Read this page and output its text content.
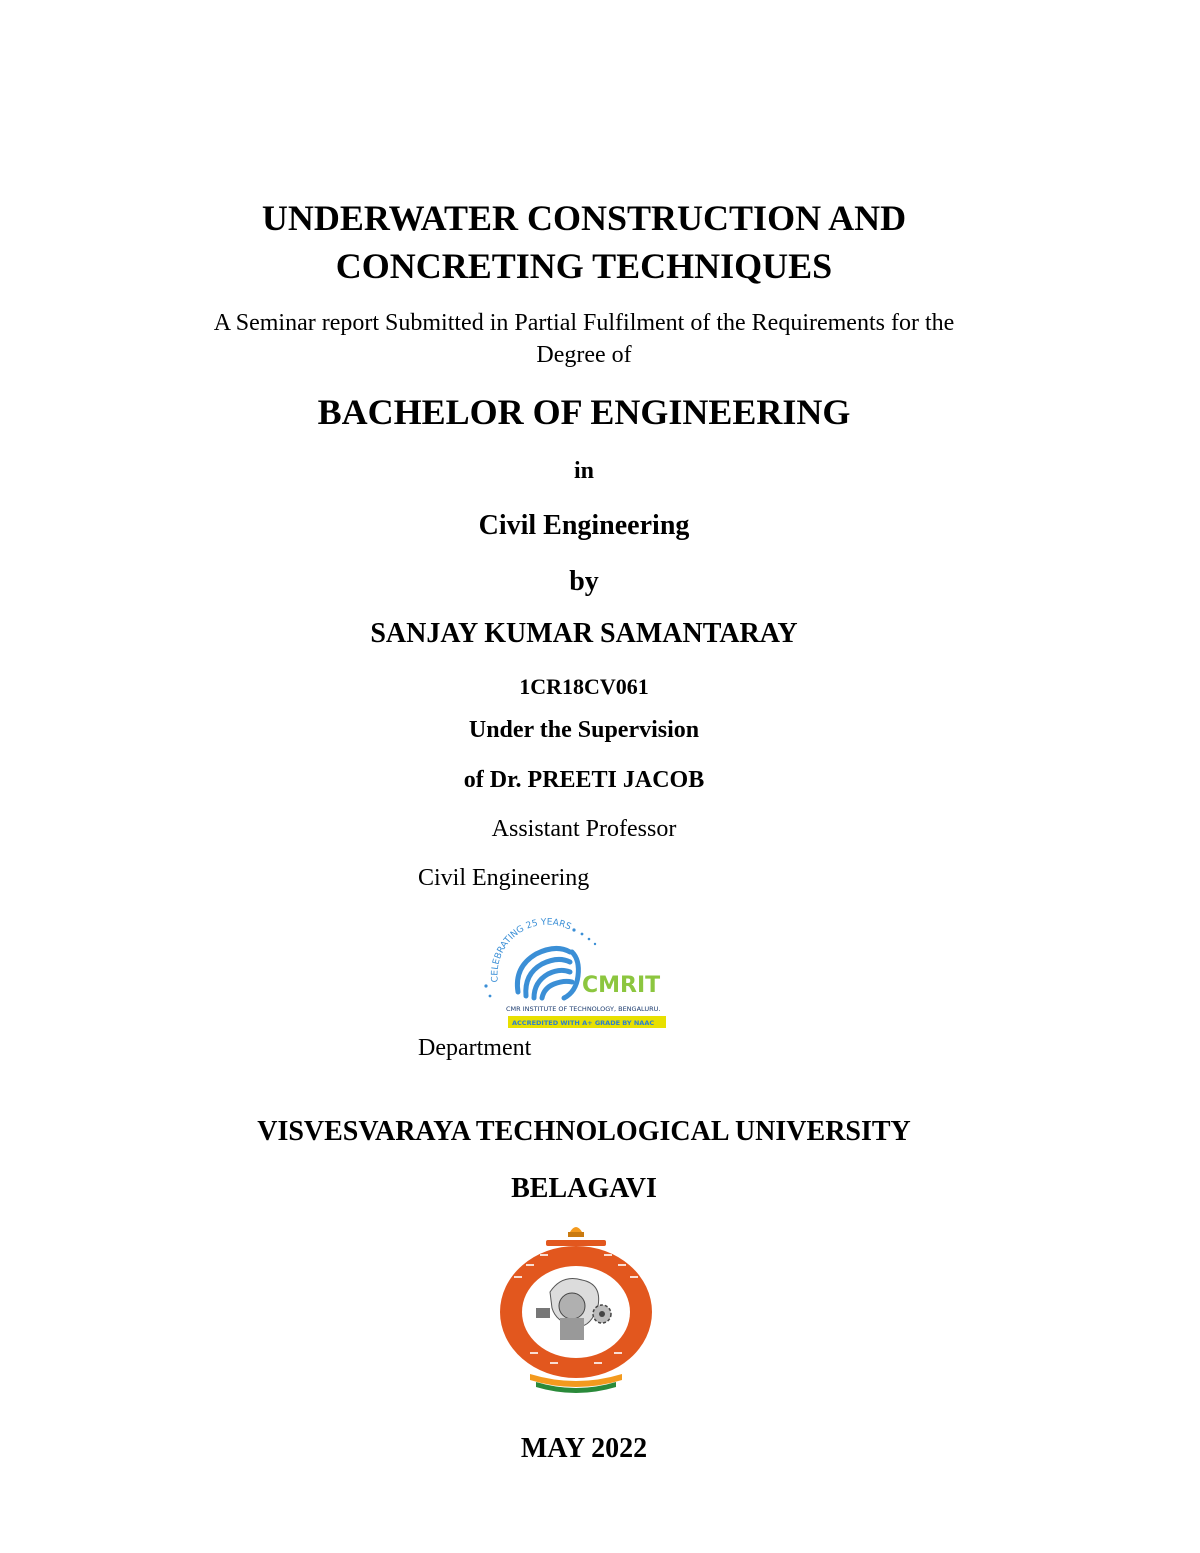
UNDERWATER CONSTRUCTION AND
CONCRETING TECHNIQUES
A Seminar report Submitted in Partial Fulfilment of the Requirements for the
Degree of
BACHELOR OF ENGINEERING
in
Civil Engineering
by
SANJAY KUMAR SAMANTARAY
1CR18CV061
Under the Supervision
of Dr. PREETI JACOB
Assistant Professor
Civil Engineering
CELEBRATING 25 YEARS
CMRIT
CMR INSTITUTE OF TECHNOLOGY, BENGALURU.
ACCREDITED WITH A+ GRADE BY NAAC
Department
VISVESVARAYA TECHNOLOGICAL UNIVERSITY
BELAGAVI
MAY 2022
